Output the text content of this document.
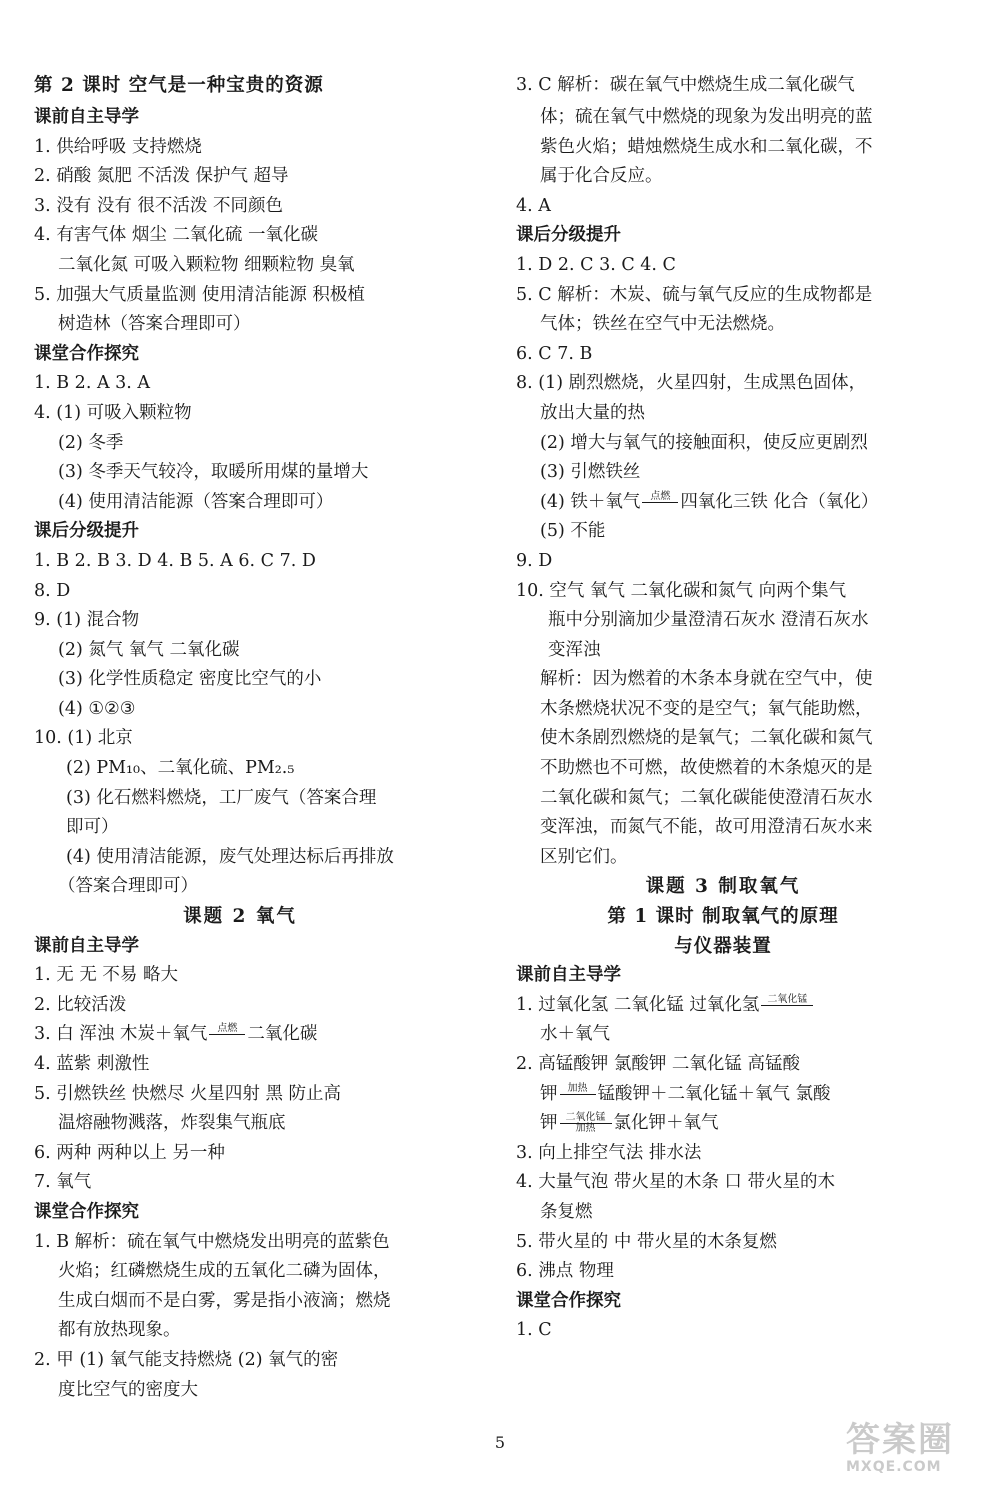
第 2 课时 空气是一种宝贵的资源
课前自主导学
1. 供给呼吸 支持燃烧
2. 硝酸 氮肥 不活泼 保护气 超导
3. 没有 没有 很不活泼 不同颜色
4. 有害气体 烟尘 二氧化硫 一氧化碳
二氧化氮 可吸入颗粒物 细颗粒物 臭氧
5. 加强大气质量监测 使用清洁能源 积极植
树造林（答案合理即可）
课堂合作探究
1. B 2. A 3. A
4. (1) 可吸入颗粒物
(2) 冬季
(3) 冬季天气较冷，取暖所用煤的量增大
(4) 使用清洁能源（答案合理即可）
课后分级提升
1. B 2. B 3. D 4. B 5. A 6. C 7. D
8. D
9. (1) 混合物
(2) 氮气 氧气 二氧化碳
(3) 化学性质稳定 密度比空气的小
(4) ①②③
10. (1) 北京
(2) PM₁₀、二氧化硫、PM₂.₅
(3) 化石燃料燃烧，工厂废气（答案合理
即可）
(4) 使用清洁能源，废气处理达标后再排放
（答案合理即可）
课题 2 氧气
课前自主导学
1. 无 无 不易 略大
2. 比较活泼
3. 白 浑浊 木炭＋氧气	点燃 二氧化碳
4. 蓝紫 刺激性
5. 引燃铁丝 快燃尽 火星四射 黑 防止高
温熔融物溅落，炸裂集气瓶底
6. 两种 两种以上 另一种
7. 氧气
课堂合作探究
1. B 解析：硫在氧气中燃烧发出明亮的蓝紫色
火焰；红磷燃烧生成的五氧化二磷为固体，
生成白烟而不是白雾，雾是指小液滴；燃烧
都有放热现象。
2. 甲 (1) 氧气能支持燃烧 (2) 氧气的密
度比空气的密度大
3. C 解析：碳在氧气中燃烧生成二氧化碳气
体；硫在氧气中燃烧的现象为发出明亮的蓝
紫色火焰；蜡烛燃烧生成水和二氧化碳，不
属于化合反应。
4. A
课后分级提升
1. D 2. C 3. C 4. C
5. C 解析：木炭、硫与氧气反应的生成物都是
气体；铁丝在空气中无法燃烧。
6. C 7. B
8. (1) 剧烈燃烧，火星四射，生成黑色固体，
放出大量的热
(2) 增大与氧气的接触面积，使反应更剧烈
(3) 引燃铁丝
(4) 铁＋氧气	点燃 四氧化三铁 化合（氧化）
(5) 不能
9. D
10. 空气 氧气 二氧化碳和氮气 向两个集气
瓶中分别滴加少量澄清石灰水 澄清石灰水
变浑浊
解析：因为燃着的木条本身就在空气中，使
木条燃烧状况不变的是空气；氧气能助燃，
使木条剧烈燃烧的是氧气；二氧化碳和氮气
不助燃也不可燃，故使燃着的木条熄灭的是
二氧化碳和氮气；二氧化碳能使澄清石灰水
变浑浊，而氮气不能，故可用澄清石灰水来
区别它们。
课题 3 制取氧气
第 1 课时 制取氧气的原理
与仪器装置
课前自主导学
1. 过氧化氢 二氧化锰 过氧化氢 二氧化锰
水＋氧气
2. 高锰酸钾 氯酸钾 二氧化锰 高锰酸
钾	加热 锰酸钾＋二氧化锰＋氧气 氯酸
钾 $\frac{\text{二氧化锰}}{\text{加热}}$ 氯化钾＋氧气
3. 向上排空气法 排水法
4. 大量气泡 带火星的木条 口 带火星的木
条复燃
5. 带火星的 中 带火星的木条复燃
6. 沸点 物理
课堂合作探究
1. C
5	答案圈
MXQE.COM
